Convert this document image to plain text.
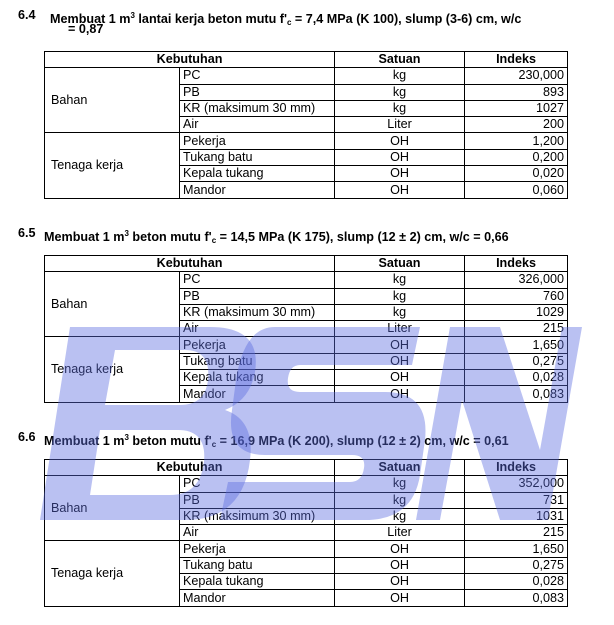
6.4 Membuat 1 $m^3$ lantai kerja beton mutu $f'_c = 7,4$ MPa (K 100), slump (3-6) cm, w/c
= 0,87
Kebutuhan		Satuan	Indeks
Bahan	PC	kg	230,000
	PB	kg	893
	KR (maksimum 30 mm)	kg	1027
	Air	Liter	200
Tenaga kerja	Pekerja	OH	1,200
	Tukang batu	OH	0,200
	Kepala tukang	OH	0,020
	Mandor	OH	0,060
6.5 Membuat 1 $m^3$ beton mutu $f'_c = 14,5$ MPa (K 175), slump (12 ± 2) cm, w/c = 0,66
Kebutuhan		Satuan	Indeks
Bahan	PC	kg	326,000
	PB	kg	760
	KR (maksimum 30 mm)	kg	1029
	Air	Liter	215
Tenaga kerja	Pekerja	OH	1,650
	Tukang batu	OH	0,275
	Kepala tukang	OH	0,028
	Mandor	OH	0,083
6.6 Membuat 1 $m^3$ beton mutu $f'_c = 16,9$ MPa (K 200), slump (12 ± 2) cm, w/c = 0,61
Kebutuhan		Satuan	Indeks
Bahan	PC	kg	352,000
	PB	kg	731
	KR (maksimum 30 mm)	kg	1031
	Air	Liter	215
Tenaga kerja	Pekerja	OH	1,650
	Tukang batu	OH	0,275
	Kepala tukang	OH	0,028
	Mandor	OH	0,083
